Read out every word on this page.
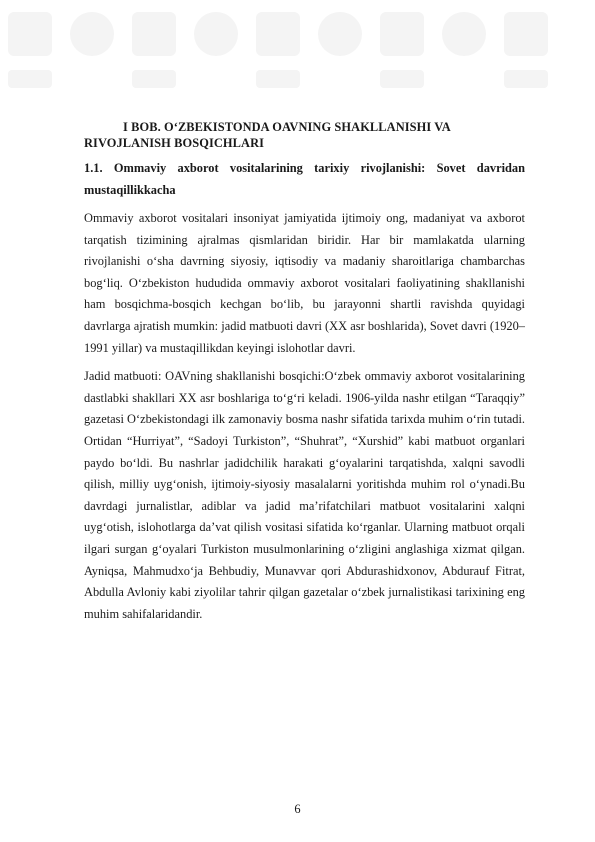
I BOB. O‘ZBEKISTONDA OAVNING SHAKLLANISHI VA RIVOJLANISH BOSQICHLARI

1.1. Ommaviy axborot vositalarining tarixiy rivojlanishi: Sovet davridan mustaqillikkacha

Ommaviy axborot vositalari insoniyat jamiyatida ijtimoiy ong, madaniyat va axborot tarqatish tizimining ajralmas qismlaridan biridir. Har bir mamlakatda ularning rivojlanishi o‘sha davrning siyosiy, iqtisodiy va madaniy sharoitlariga chambarchas bog‘liq. O‘zbekiston hududida ommaviy axborot vositalari faoliyatining shakllanishi ham bosqichma-bosqich kechgan bo‘lib, bu jarayonni shartli ravishda quyidagi davrlarga ajratish mumkin: jadid matbuoti davri (XX asr boshlarida), Sovet davri (1920–1991 yillar) va mustaqillikdan keyingi islohotlar davri.

Jadid matbuoti: OAVning shakllanishi bosqichi:O‘zbek ommaviy axborot vositalarining dastlabki shakllari XX asr boshlariga to‘g‘ri keladi. 1906-yilda nashr etilgan “Taraqqiy” gazetasi O‘zbekistondagi ilk zamonaviy bosma nashr sifatida tarixda muhim o‘rin tutadi. Ortidan “Hurriyat”, “Sadoyi Turkiston”, “Shuhrat”, “Xurshid” kabi matbuot organlari paydo bo‘ldi. Bu nashrlar jadidchilik harakati g‘oyalarini tarqatishda, xalqni savodli qilish, milliy uyg‘onish, ijtimoiy-siyosiy masalalarni yoritishda muhim rol o‘ynadi.Bu davrdagi jurnalistlar, adiblar va jadid ma’rifatchilari matbuot vositalarini xalqni uyg‘otish, islohotlarga da’vat qilish vositasi sifatida ko‘rganlar. Ularning matbuot orqali ilgari surgan g‘oyalari Turkiston musulmonlarining o‘zligini anglashiga xizmat qilgan. Ayniqsa, Mahmudxo‘ja Behbudiy, Munavvar qori Abdurashidxonov, Abdurauf Fitrat, Abdulla Avloniy kabi ziyolilar tahrir qilgan gazetalar o‘zbek jurnalistikasi tarixining eng muhim sahifalaridandir.

6
